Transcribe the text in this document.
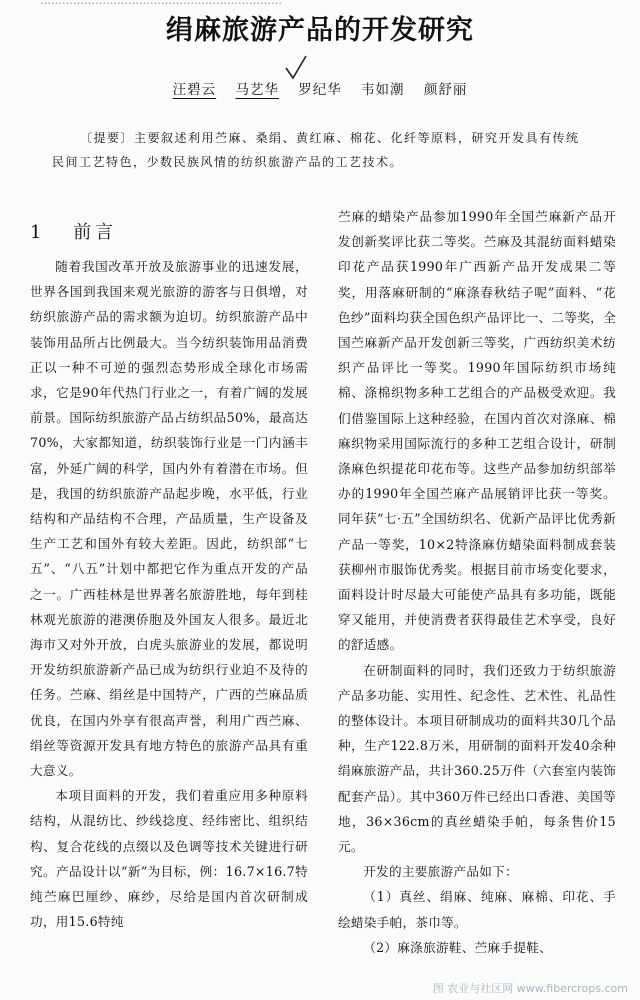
…………………………………………………………
绢麻旅游产品的开发研究
汪碧云 马艺华 罗纪华 韦如潮 颜舒丽
〔提要〕主要叙述利用苎麻、桑绢、黄红麻、棉花、化纤等原料，研究开发具有传统民间工艺特色，少数民族风情的纺织旅游产品的工艺技术。
1 前言

随着我国改革开放及旅游事业的迅速发展，世界各国到我国来观光旅游的游客与日俱增，对纺织旅游产品的需求额为迫切。纺织旅游产品中装饰用品所占比例最大。当今纺织装饰用品消费正以一种不可逆的强烈态势形成全球化市场需求，它是90年代热门行业之一，有着广阔的发展前景。国际纺织旅游产品占纺织品50%，最高达70%，大家都知道，纺织装饰行业是一门内涵丰富，外延广阔的科学，国内外有着潜在市场。但是，我国的纺织旅游产品起步晚，水平低，行业结构和产品结构不合理，产品质量，生产设备及生产工艺和国外有较大差距。因此，纺织部“七五”、“八五”计划中都把它作为重点开发的产品之一。广西桂林是世界著名旅游胜地，每年到桂林观光旅游的港澳侨胞及外国友人很多。最近北海市又对外开放，白虎头旅游业的发展，都说明开发纺织旅游新产品已成为纺织行业迫不及待的任务。苎麻、绢丝是中国特产，广西的苎麻品质优良，在国内外享有很高声誉，利用广西苎麻、绢丝等资源开发具有地方特色的旅游产品具有重大意义。

本项目面料的开发，我们着重应用多种原料结构，从混纺比、纱线捻度、经纬密比、组织结构、复合花线的点缀以及色调等技术关键进行研究。产品设计以“新”为目标，例：16.7×16.7特纯苎麻巴厘纱、麻纱，尽给是国内首次研制成功，用15.6特纯

苎麻的蜡染产品参加1990年全国苎麻新产品开发创新奖评比获二等奖。苎麻及其混纺面料蜡染印花产品获1990年广西新产品开发成果二等奖，用落麻研制的“麻涤春秋结子呢”面料、“花色纱”面料均获全国色织产品评比一、二等奖，全国苎麻新产品开发创新三等奖，广西纺织美术纺织产品评比一等奖。1990年国际纺织市场纯棉、涤棉织物多种工艺组合的产品极受欢迎。我们借鉴国际上这种经验，在国内首次对涤麻、棉麻织物采用国际流行的多种工艺组合设计，研制涤麻色织提花印花布等。这些产品参加纺织部举办的1990年全国苎麻产品展销评比获一等奖。同年获“七·五”全国纺织名、优新产品评比优秀新产品一等奖，10×2特涤麻仿蜡染面料制成套装获柳州市服饰优秀奖。根据目前市场变化要求，面料设计时尽最大可能使产品具有多功能，既能穿又能用，并使消费者获得最佳艺术享受，良好的舒适感。

在研制面料的同时，我们还致力于纺织旅游产品多功能、实用性、纪念性、艺术性、礼品性的整体设计。本项目研制成功的面料共30几个品种，生产122.8万米，用研制的面料开发40余种绢麻旅游产品，共计360.25万件（六套室内装饰配套产品）。其中360万件已经出口香港、美国等地，36×36cm的真丝蜡染手帕，每条售价15元。

开发的主要旅游产品如下：

（1）真丝、绢麻、纯麻、麻棉、印花、手绘蜡染手帕，茶巾等。

（2）麻涤旅游鞋、苎麻手提鞋、

图 农业与社区网 www.fibercrops.com
